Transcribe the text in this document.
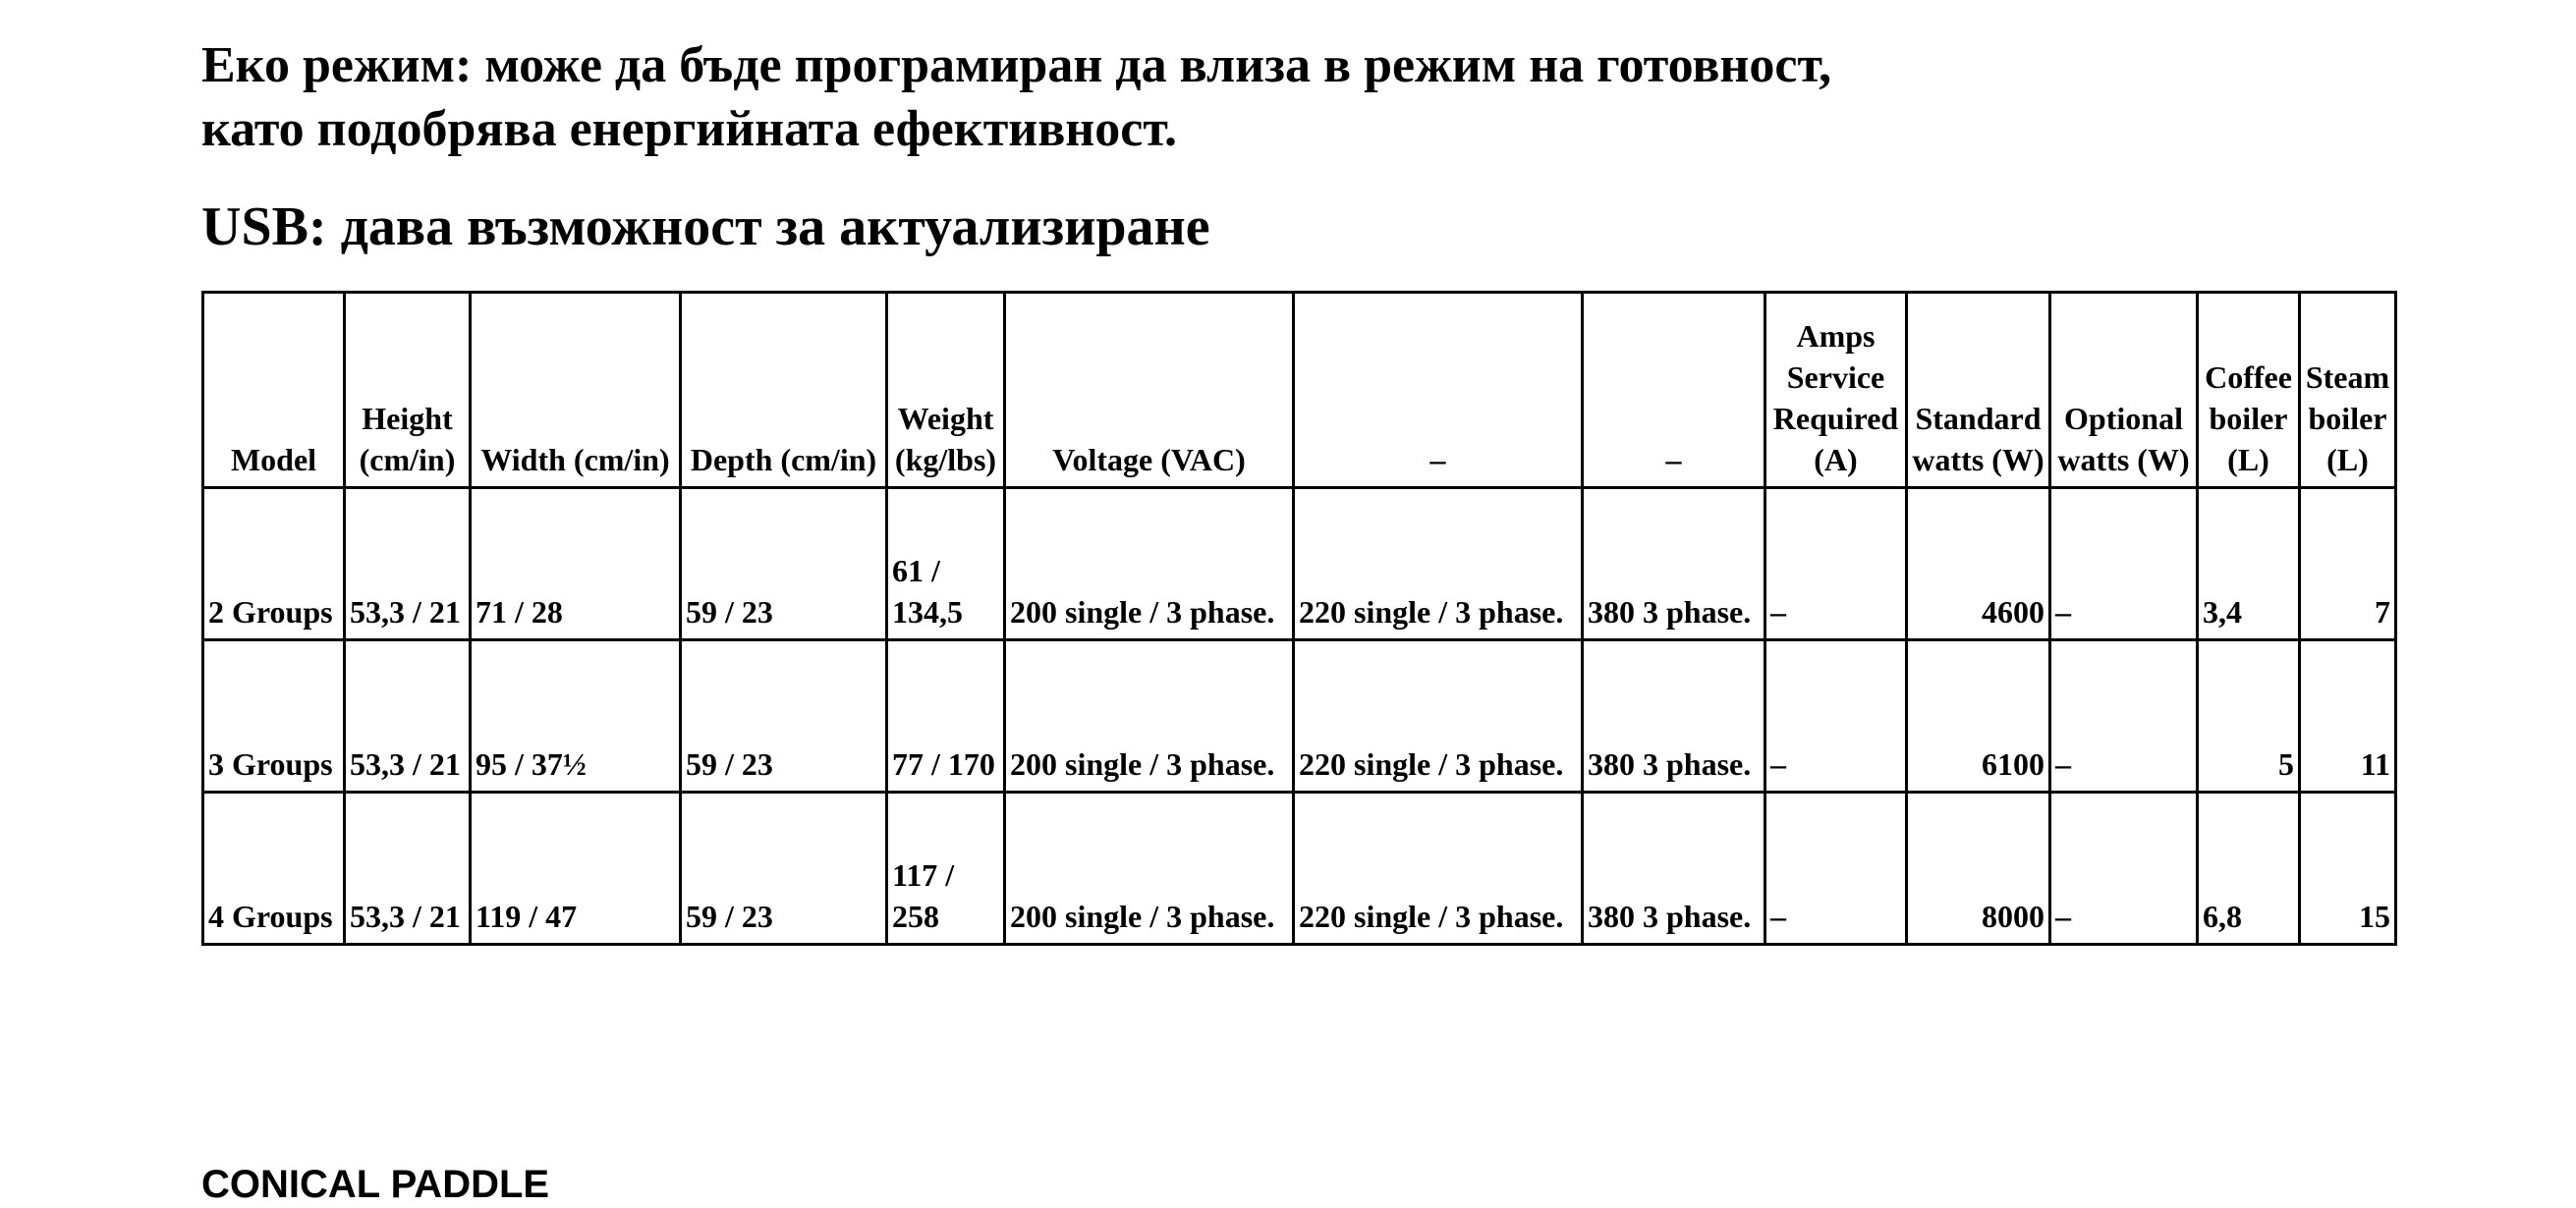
Еко режим: може да бъде програмиран да влиза в режим на готовност,

като подобрява енергийната ефективност.

USB: дава възможност за актуализиране

Model	Height (cm/in)	Width (cm/in)	Depth (cm/in)	Weight (kg/lbs)	Voltage (VAC)	–	–	Amps Service Required (A)	Standard watts (W)	Optional watts (W)	Coffee boiler (L)	Steam boiler (L)
2 Groups	53,3 / 21	71 / 28	59 / 23	61 / 134,5	200 single / 3 phase.	220 single / 3 phase.	380 3 phase.	–	4600	–	3,4	7
3 Groups	53,3 / 21	95 / 37½	59 / 23	77 / 170	200 single / 3 phase.	220 single / 3 phase.	380 3 phase.	–	6100	–	5	11
4 Groups	53,3 / 21	119 / 47	59 / 23	117 / 258	200 single / 3 phase.	220 single / 3 phase.	380 3 phase.	–	8000	–	6,8	15
CONICAL PADDLE
